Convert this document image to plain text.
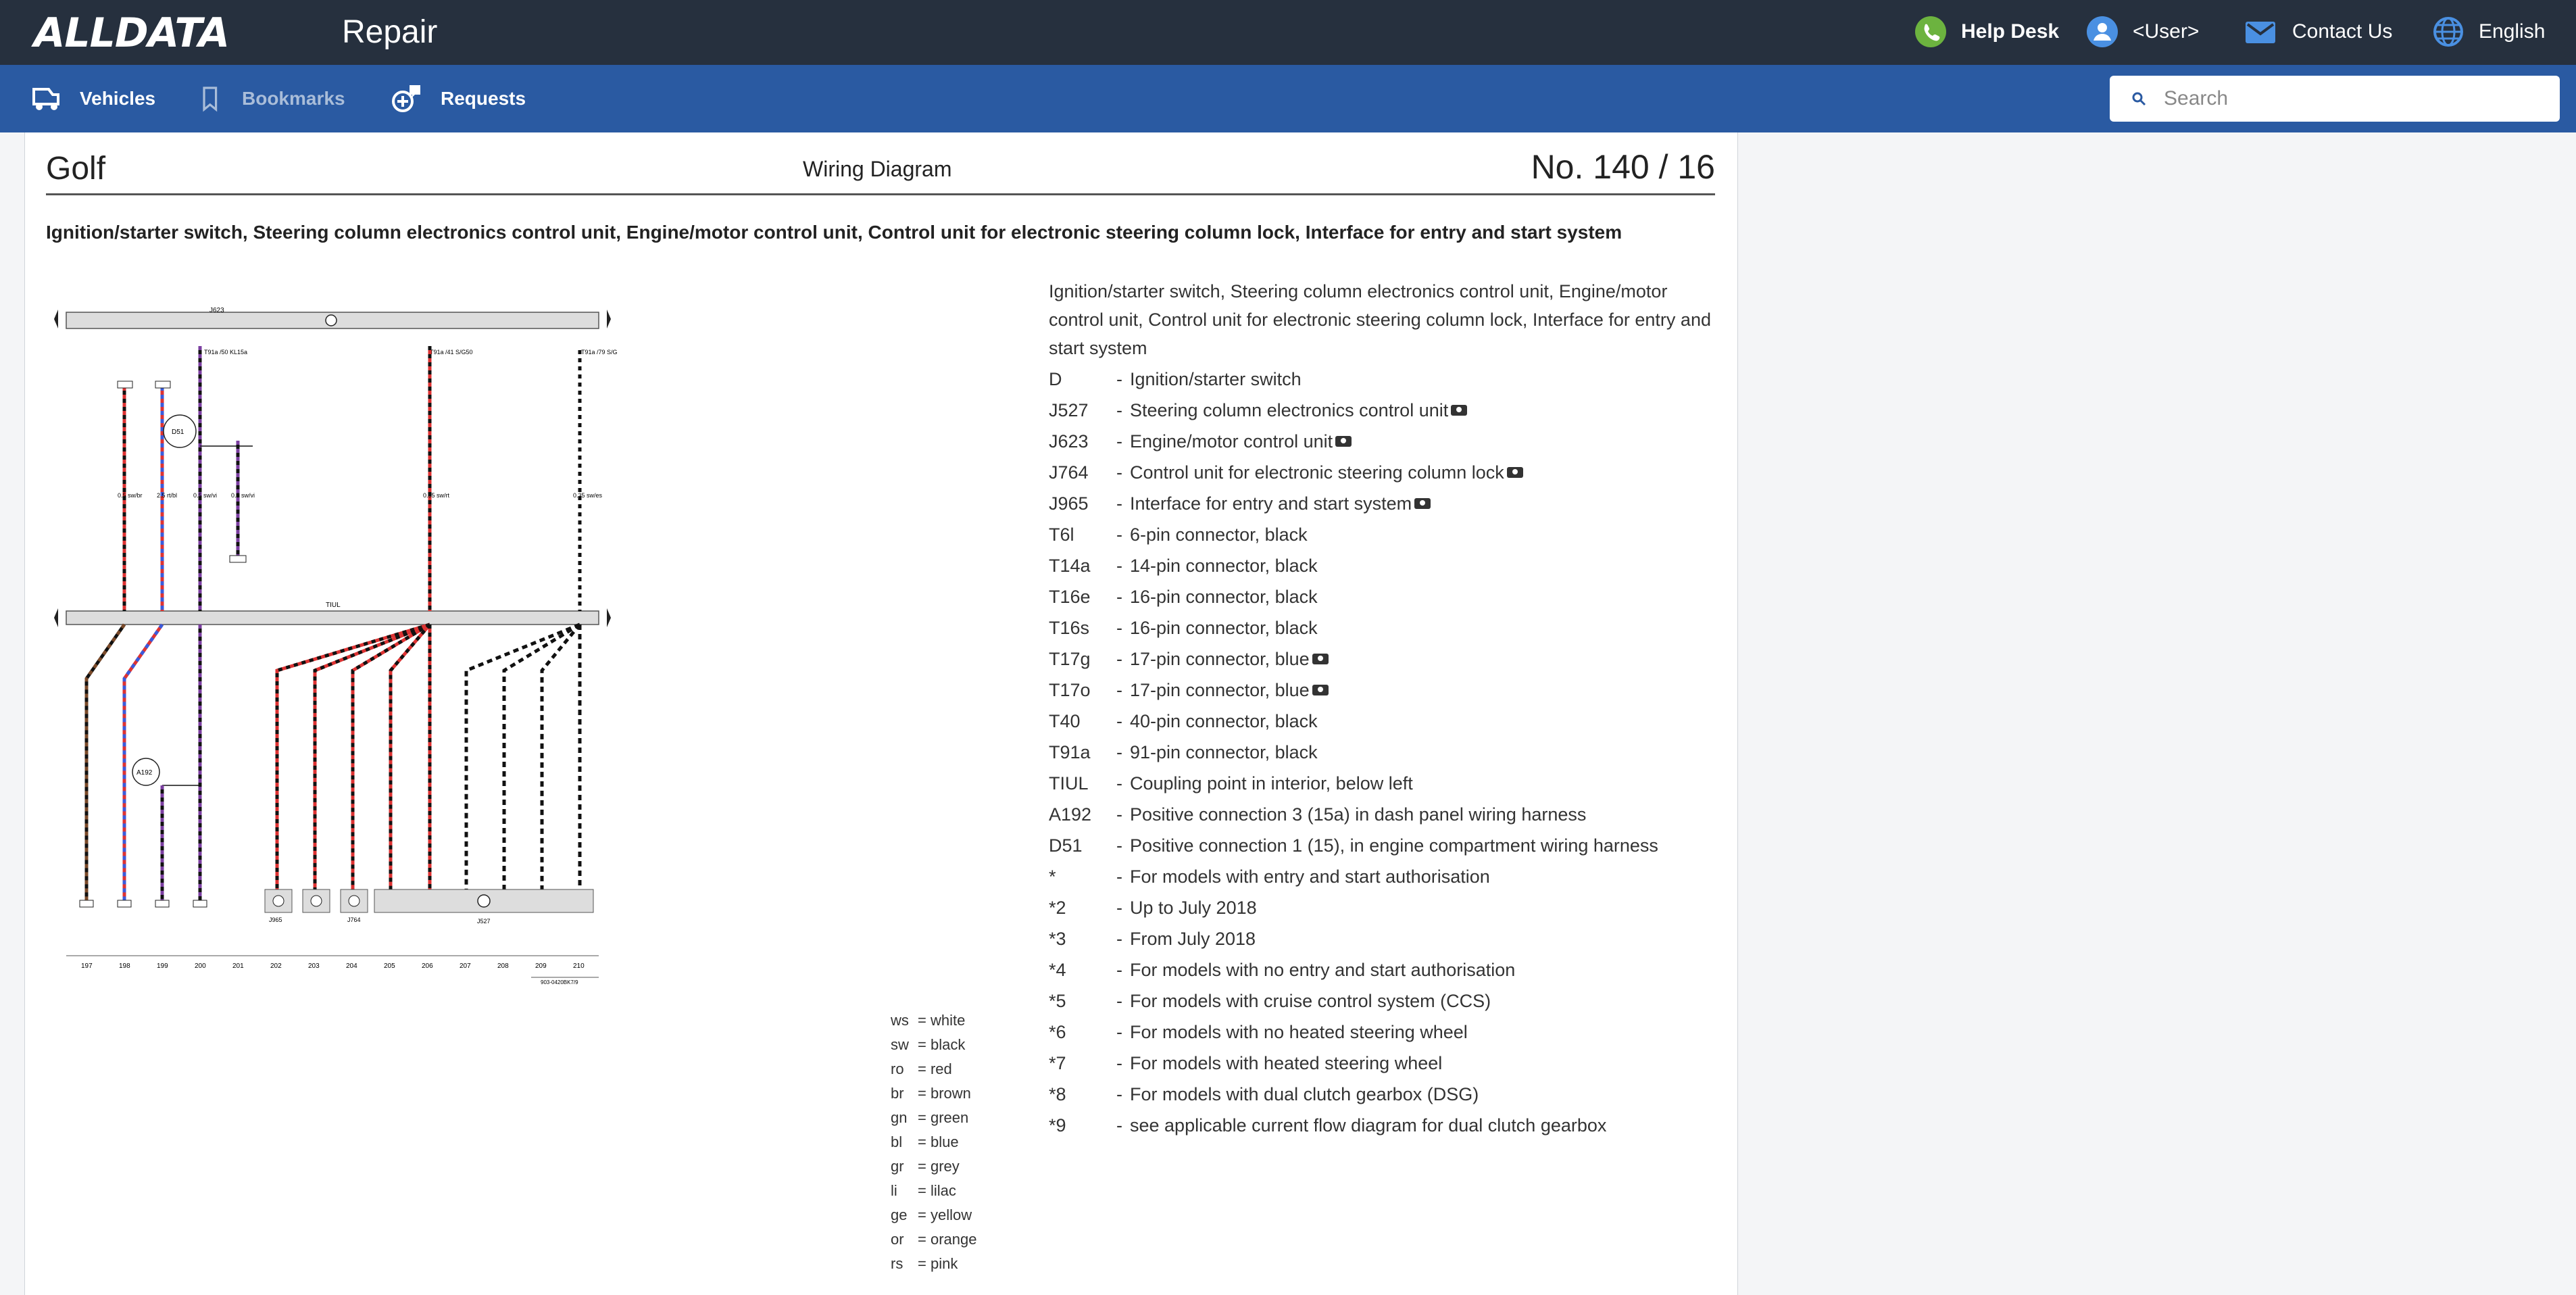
ALLDATA	Repair	Help Desk	<User>	Contact Us	English
Vehicles	Bookmarks	Requests
Search
Golf	Wiring Diagram	No. 140 / 16
Ignition/starter switch, Steering column electronics control unit, Engine/motor control unit, Control unit for electronic steering column lock, Interface for entry and start system
J623
TIUL
T91a /50 KL15a	T91a /41 S/G50	T91a /79 S/G
D51
0.5 sw/br 2.5 rt/bl	0.5 sw/vi 0.5 sw/vi	0.35 sw/rt	0.35 sw/es
A192
J965	J764	J527
197	198	199	200	201	202	203	204	205	206	207	208	209	210
903-0420BK7/9
ws = white
sw = black
ro = red
br = brown
gn = green
bl	= blue
gr = grey
li	= lilac
ge = yellow
or = orange
rs = pink
Ignition/starter switch, Steering column electronics control unit, Engine/motor control unit, Control unit for electronic steering column lock, Interface for entry and start system
D	- Ignition/starter switch
J527	- Steering column electronics control unit
J623	- Engine/motor control unit
J764	- Control unit for electronic steering column lock
J965	- Interface for entry and start system
T6l	- 6-pin connector, black
T14a	- 14-pin connector, black
T16e	- 16-pin connector, black
T16s	- 16-pin connector, black
T17g	- 17-pin connector, blue
T17o	- 17-pin connector, blue
T40	- 40-pin connector, black
T91a	- 91-pin connector, black
TIUL	- Coupling point in interior, below left
A192	- Positive connection 3 (15a) in dash panel wiring harness
D51	- Positive connection 1 (15), in engine compartment wiring harness
*	- For models with entry and start authorisation
*2	- Up to July 2018
*3	- From July 2018
*4	- For models with no entry and start authorisation
*5	- For models with cruise control system (CCS)
*6	- For models with no heated steering wheel
*7	- For models with heated steering wheel
*8	- For models with dual clutch gearbox (DSG)
*9	- see applicable current flow diagram for dual clutch gearbox
